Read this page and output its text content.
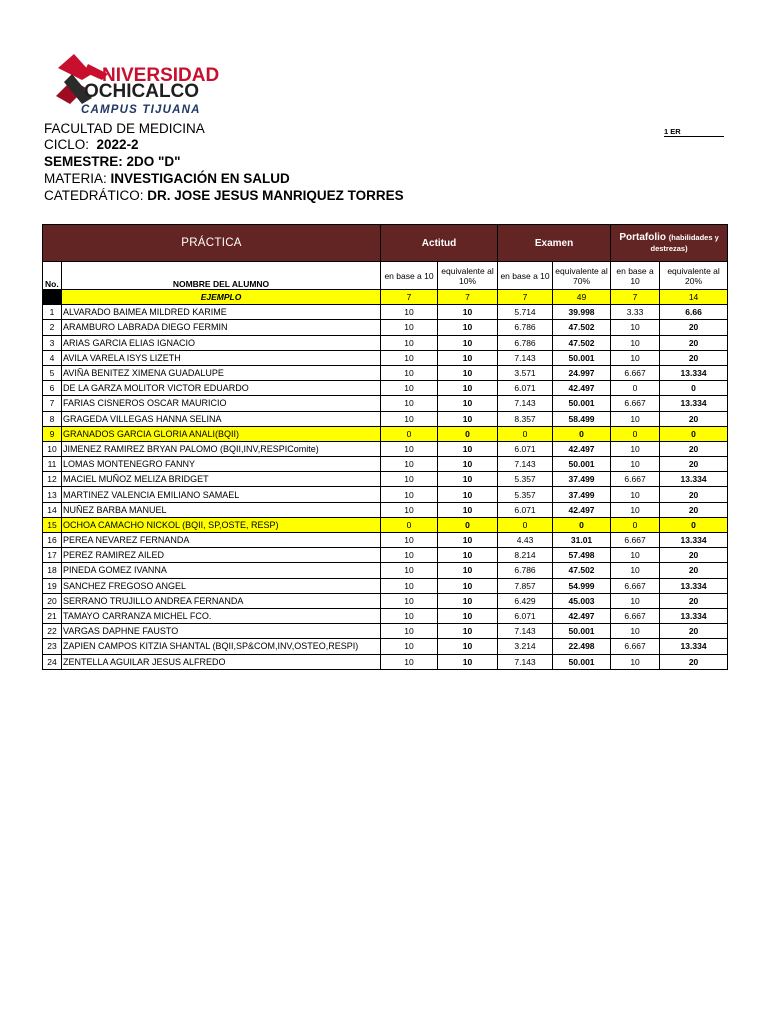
NIVERSIDAD
OCHICALCO
CAMPUS TIJUANA
FACULTAD DE MEDICINA
CICLO: 2022-2
SEMESTRE: 2DO "D"
MATERIA: INVESTIGACIÓN EN SALUD
CATEDRÁTICO: DR. JOSE JESUS MANRIQUEZ TORRES
1 ER
PRÁCTICA		Actitud		Examen		Portafolio (habilidades y destrezas)	
No.	NOMBRE DEL ALUMNO	en base a 10	equivalente al 10%	en base a 10	equivalente al 70%	en base a 10	equivalente al 20%
	EJEMPLO	7	7	7	49	7	14
1	ALVARADO BAIMEA MILDRED KARIME	10	10	5.714	39.998	3.33	6.66
2	ARAMBURO LABRADA DIEGO FERMIN	10	10	6.786	47.502	10	20
3	ARIAS GARCIA ELIAS IGNACIO	10	10	6.786	47.502	10	20
4	AVILA VARELA ISYS LIZETH	10	10	7.143	50.001	10	20
5	AVIÑA BENITEZ XIMENA GUADALUPE	10	10	3.571	24.997	6.667	13.334
6	DE LA GARZA MOLITOR VICTOR EDUARDO	10	10	6.071	42.497	0	0
7	FARIAS CISNEROS OSCAR MAURICIO	10	10	7.143	50.001	6.667	13.334
8	GRAGEDA VILLEGAS HANNA SELINA	10	10	8.357	58.499	10	20
9	GRANADOS GARCIA GLORIA ANALI(BQII)	0	0	0	0	0	0
10	JIMENEZ RAMIREZ BRYAN PALOMO (BQII,INV,RESPIComite)	10	10	6.071	42.497	10	20
11	LOMAS MONTENEGRO FANNY	10	10	7.143	50.001	10	20
12	MACIEL MUÑOZ MELIZA BRIDGET	10	10	5.357	37.499	6.667	13.334
13	MARTINEZ VALENCIA EMILIANO SAMAEL	10	10	5.357	37.499	10	20
14	NUÑEZ BARBA MANUEL	10	10	6.071	42.497	10	20
15	OCHOA CAMACHO NICKOL (BQII, SP,OSTE, RESP)	0	0	0	0	0	0
16	PEREA NEVAREZ FERNANDA	10	10	4.43	31.01	6.667	13.334
17	PEREZ RAMIREZ AILED	10	10	8.214	57.498	10	20
18	PINEDA GOMEZ IVANNA	10	10	6.786	47.502	10	20
19	SANCHEZ FREGOSO ANGEL	10	10	7.857	54.999	6.667	13.334
20	SERRANO TRUJILLO ANDREA FERNANDA	10	10	6.429	45.003	10	20
21	TAMAYO CARRANZA MICHEL FCO.	10	10	6.071	42.497	6.667	13.334
22	VARGAS DAPHNE FAUSTO	10	10	7.143	50.001	10	20
23	ZAPIEN CAMPOS KITZIA SHANTAL (BQII,SP&COM,INV,OSTEO,RESPI)	10	10	3.214	22.498	6.667	13.334
24	ZENTELLA AGUILAR JESUS ALFREDO	10	10	7.143	50.001	10	20
